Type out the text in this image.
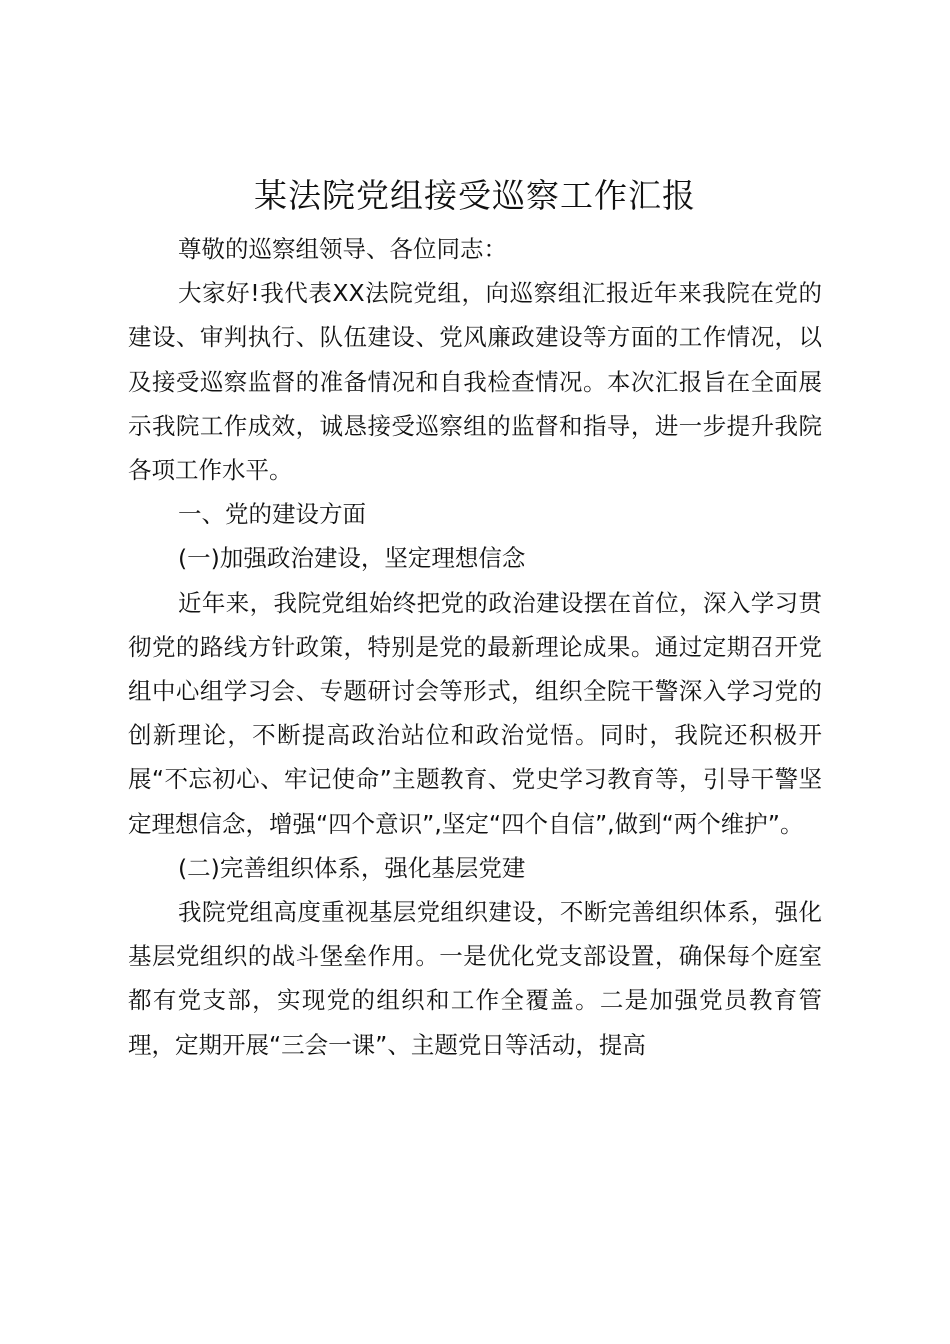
某法院党组接受巡察工作汇报

尊敬的巡察组领导、各位同志：

大家好!我代表XX法院党组，向巡察组汇报近年来我院在党的建设、审判执行、队伍建设、党风廉政建设等方面的工作情况，以及接受巡察监督的准备情况和自我检查情况。本次汇报旨在全面展示我院工作成效，诚恳接受巡察组的监督和指导，进一步提升我院各项工作水平。

一、党的建设方面

(一)加强政治建设，坚定理想信念

近年来，我院党组始终把党的政治建设摆在首位，深入学习贯彻党的路线方针政策，特别是党的最新理论成果。通过定期召开党组中心组学习会、专题研讨会等形式，组织全院干警深入学习党的创新理论，不断提高政治站位和政治觉悟。同时，我院还积极开展“不忘初心、牢记使命”主题教育、党史学习教育等，引导干警坚定理想信念，增强“四个意识”,坚定“四个自信”,做到“两个维护”。

(二)完善组织体系，强化基层党建

我院党组高度重视基层党组织建设，不断完善组织体系，强化基层党组织的战斗堡垒作用。一是优化党支部设置，确保每个庭室都有党支部，实现党的组织和工作全覆盖。二是加强党员教育管理，定期开展“三会一课”、主题党日等活动，提高
